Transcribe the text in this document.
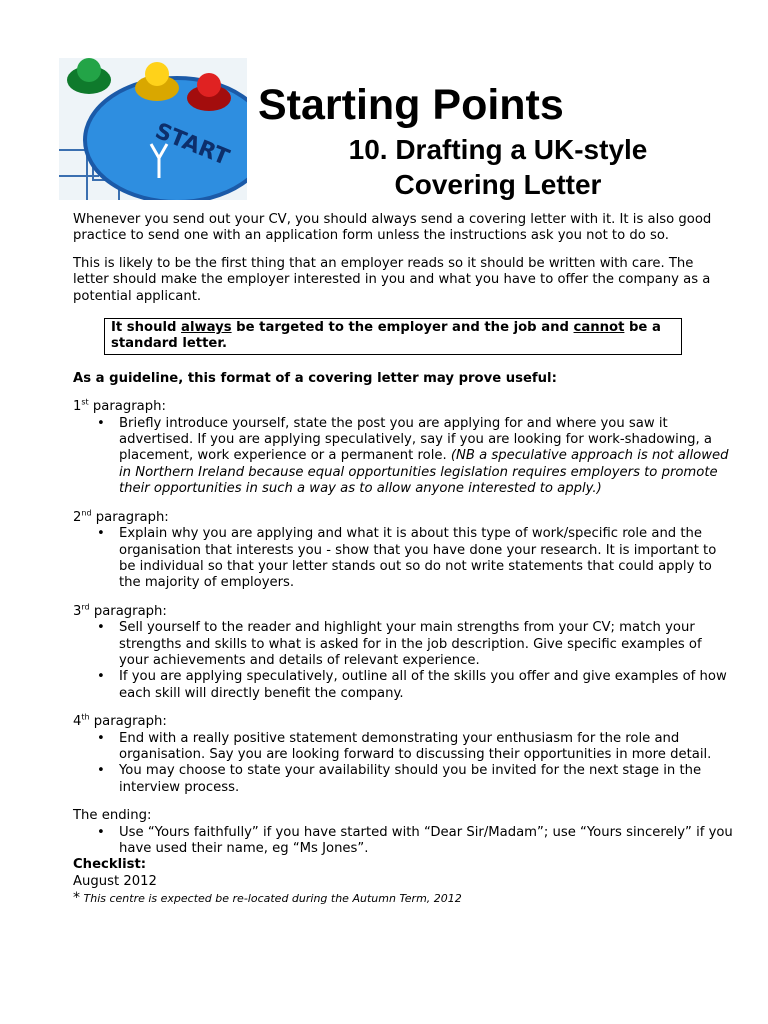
START
Starting Points
10. Drafting a UK-style
Covering Letter

Whenever you send out your CV, you should always send a covering letter with it. It is also good practice to send one with an application form unless the instructions ask you not to do so.

This is likely to be the first thing that an employer reads so it should be written with care. The letter should make the employer interested in you and what you have to offer the company as a potential applicant.

It should always be targeted to the employer and the job and cannot be a standard letter.

As a guideline, this format of a covering letter may prove useful:

1st paragraph:

• Briefly introduce yourself, state the post you are applying for and where you saw it advertised. If you are applying speculatively, say if you are looking for work-shadowing, a placement, work experience or a permanent role. (NB a speculative approach is not allowed in Northern Ireland because equal opportunities legislation requires employers to promote their opportunities in such a way as to allow anyone interested to apply.)

2nd paragraph:

• Explain why you are applying and what it is about this type of work/specific role and the organisation that interests you - show that you have done your research. It is important to be individual so that your letter stands out so do not write statements that could apply to the majority of employers.

3rd paragraph:

• Sell yourself to the reader and highlight your main strengths from your CV; match your strengths and skills to what is asked for in the job description. Give specific examples of your achievements and details of relevant experience.
• If you are applying speculatively, outline all of the skills you offer and give examples of how each skill will directly benefit the company.

4th paragraph:

• End with a really positive statement demonstrating your enthusiasm for the role and organisation. Say you are looking forward to discussing their opportunities in more detail.
• You may choose to state your availability should you be invited for the next stage in the interview process.

The ending:

• Use “Yours faithfully” if you have started with “Dear Sir/Madam”; use “Yours sincerely” if you have used their name, eg “Ms Jones”.

Checklist:

August 2012

* This centre is expected be re-located during the Autumn Term, 2012
